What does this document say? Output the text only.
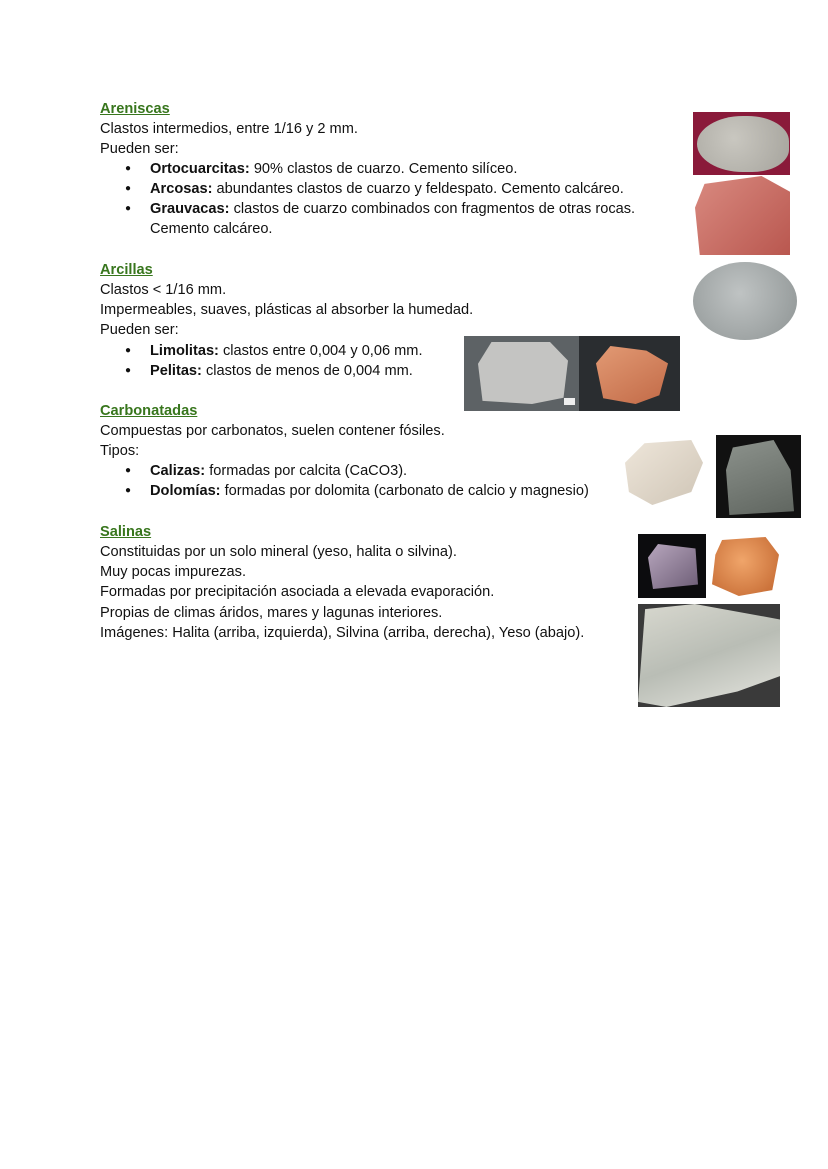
Areniscas
Clastos intermedios, entre 1/16 y 2 mm.
Pueden ser:
● Ortocuarcitas: 90% clastos de cuarzo. Cemento silíceo.
● Arcosas: abundantes clastos de cuarzo y feldespato. Cemento calcáreo.
● Grauvacas: clastos de cuarzo combinados con fragmentos de otras rocas.
Cemento calcáreo.
Arcillas
Clastos < 1/16 mm.
Impermeables, suaves, plásticas al absorber la humedad.
Pueden ser:
● Limolitas: clastos entre 0,004 y 0,06 mm.
● Pelitas: clastos de menos de 0,004 mm.
Carbonatadas
Compuestas por carbonatos, suelen contener fósiles.
Tipos:
● Calizas: formadas por calcita (CaCO3).
● Dolomías: formadas por dolomita (carbonato de calcio y magnesio)
Salinas
Constituidas por un solo mineral (yeso, halita o silvina).
Muy pocas impurezas.
Formadas por precipitación asociada a elevada evaporación.
Propias de climas áridos, mares y lagunas interiores.
Imágenes: Halita (arriba, izquierda), Silvina (arriba, derecha), Yeso (abajo).
